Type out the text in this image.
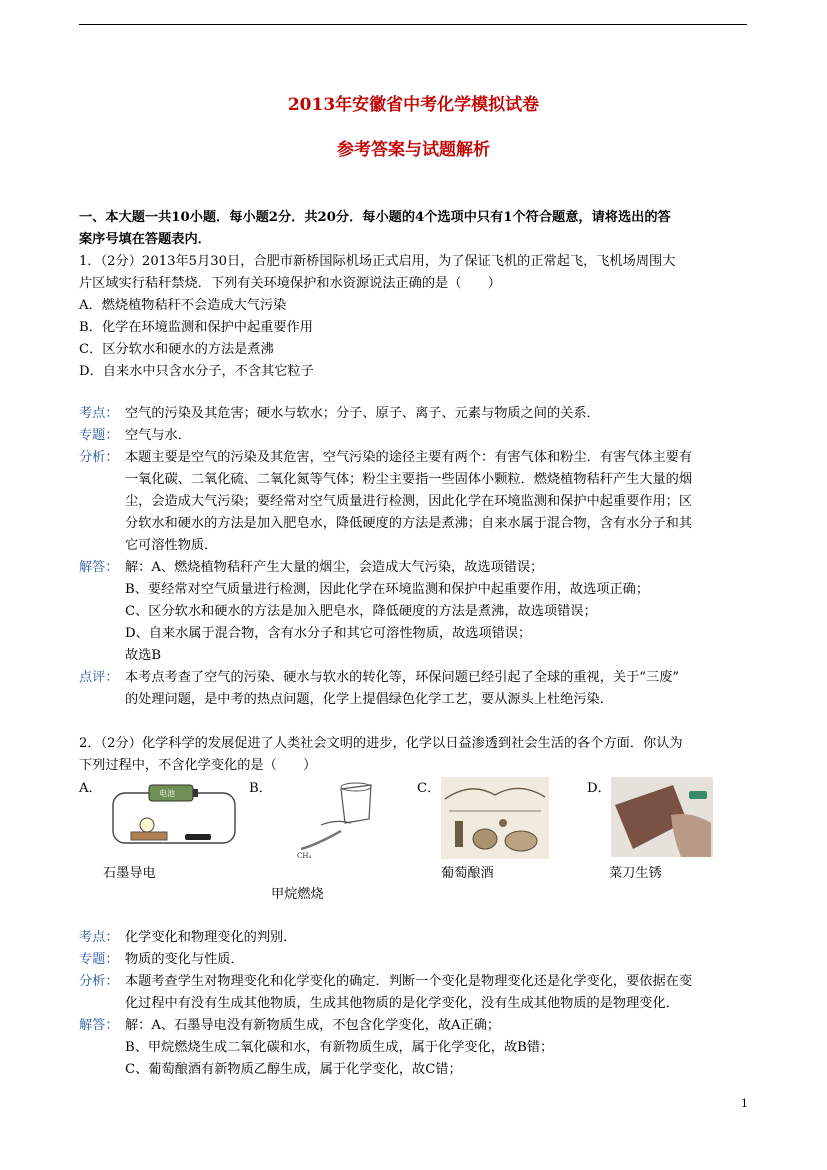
2013年安徽省中考化学模拟试卷
参考答案与试题解析
一、本大题一共10小题．每小题2分．共20分．每小题的4个选项中只有1个符合题意，请将选出的答
案序号填在答题表内．
1．（2分）2013年5月30日，合肥市新桥国际机场正式启用，为了保证飞机的正常起飞，飞机场周围大
片区域实行秸秆禁烧．下列有关环境保护和水资源说法正确的是（　　）
A．燃烧植物秸秆不会造成大气污染
B．化学在环境监测和保护中起重要作用
C．区分软水和硬水的方法是煮沸
D．自来水中只含水分子，不含其它粒子
考点： 空气的污染及其危害；硬水与软水；分子、原子、离子、元素与物质之间的关系．
专题： 空气与水．
分析： 本题主要是空气的污染及其危害，空气污染的途径主要有两个：有害气体和粉尘．有害气体主要有
一氧化碳、二氧化硫、二氧化氮等气体；粉尘主要指一些固体小颗粒．燃烧植物秸秆产生大量的烟
尘，会造成大气污染；要经常对空气质量进行检测，因此化学在环境监测和保护中起重要作用；区
分软水和硬水的方法是加入肥皂水，降低硬度的方法是煮沸；自来水属于混合物，含有水分子和其
它可溶性物质．
解答： 解：A、燃烧植物秸秆产生大量的烟尘，会造成大气污染，故选项错误；
B、要经常对空气质量进行检测，因此化学在环境监测和保护中起重要作用，故选项正确；
C、区分软水和硬水的方法是加入肥皂水，降低硬度的方法是煮沸，故选项错误；
D、自来水属于混合物，含有水分子和其它可溶性物质，故选项错误；
故选B
点评： 本考点考查了空气的污染、硬水与软水的转化等，环保问题已经引起了全球的重视，关于“三废”
的处理问题，是中考的热点问题，化学上提倡绿色化学工艺，要从源头上杜绝污染．
2．（2分）化学科学的发展促进了人类社会文明的进步，化学以日益渗透到社会生活的各个方面．你认为
下列过程中，不含化学变化的是（　　）
A．	电池
石墨导电
B．
CH₄
甲烷燃烧
C．
葡萄酿酒
D．
菜刀生锈
考点： 化学变化和物理变化的判别．
专题： 物质的变化与性质．
分析： 本题考查学生对物理变化和化学变化的确定．判断一个变化是物理变化还是化学变化，要依据在变
化过程中有没有生成其他物质，生成其他物质的是化学变化，没有生成其他物质的是物理变化．
解答： 解：A、石墨导电没有新物质生成，不包含化学变化，故A正确；
B、甲烷燃烧生成二氧化碳和水，有新物质生成，属于化学变化，故B错；
C、葡萄酿酒有新物质乙醇生成，属于化学变化，故C错；
1
